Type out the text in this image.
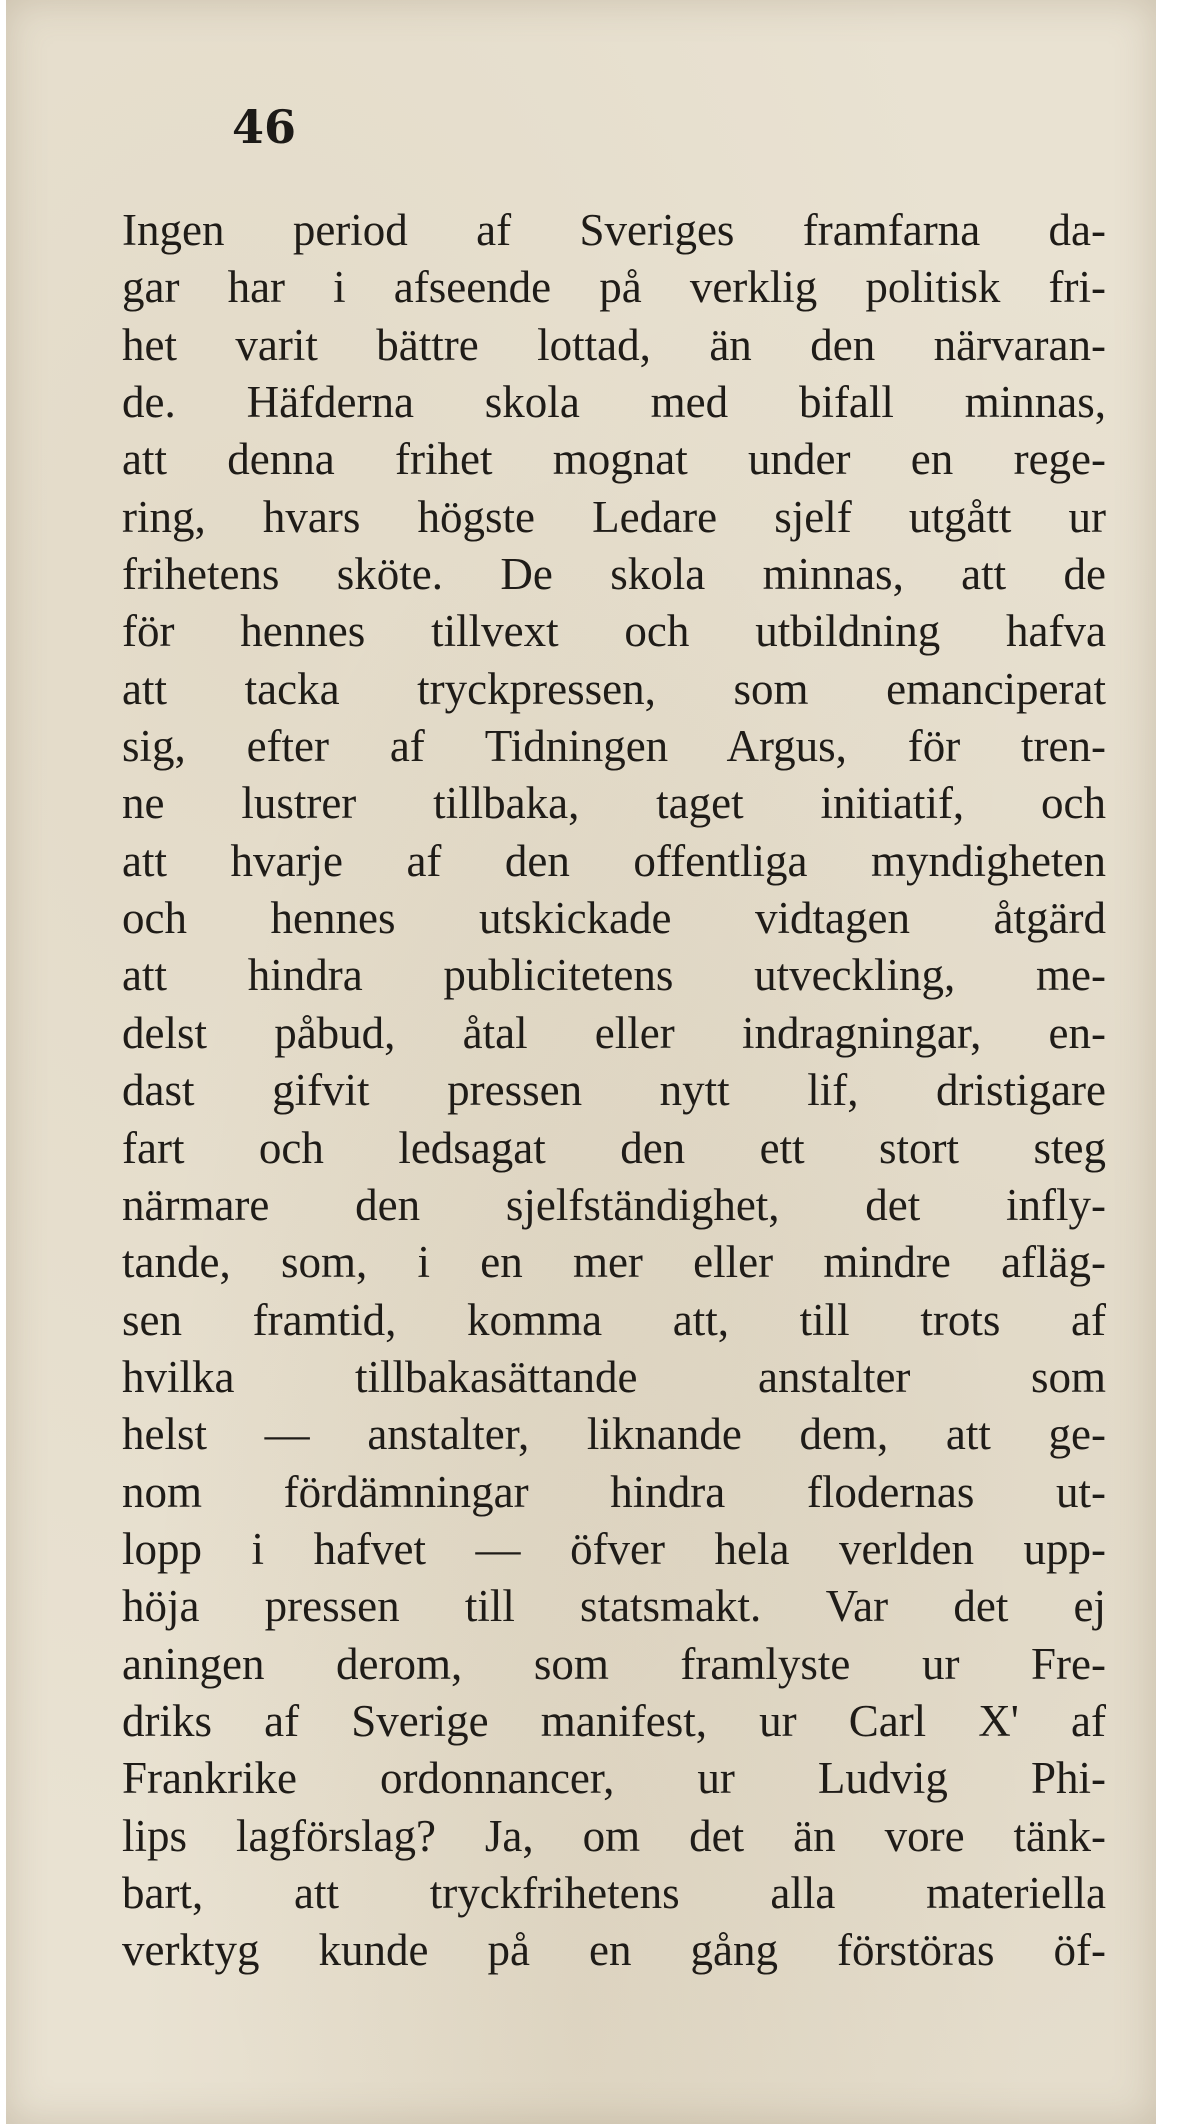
46

Ingen period af Sveriges framfarna da-
gar har i afseende på verklig politisk fri-
het varit bättre lottad, än den närvaran-
de. Häfderna skola med bifall minnas,
att denna frihet mognat under en rege-
ring, hvars högste Ledare sjelf utgått ur
frihetens sköte. De skola minnas, att de
för hennes tillvext och utbildning hafva
att tacka tryckpressen, som emanciperat
sig, efter af Tidningen Argus, för tren-
ne lustrer tillbaka, taget initiatif, och
att hvarje af den offentliga myndigheten
och hennes utskickade vidtagen åtgärd
att hindra publicitetens utveckling, me-
delst påbud, åtal eller indragningar, en-
dast gifvit pressen nytt lif, dristigare
fart och ledsagat den ett stort steg
närmare den sjelfständighet, det infly-
tande, som, i en mer eller mindre afläg-
sen framtid, komma att, till trots af
hvilka tillbakasättande anstalter som
helst — anstalter, liknande dem, att ge-
nom fördämningar hindra flodernas ut-
lopp i hafvet — öfver hela verlden upp-
höja pressen till statsmakt. Var det ej
aningen derom, som framlyste ur Fre-
driks af Sverige manifest, ur Carl X' af
Frankrike ordonnancer, ur Ludvig Phi-
lips lagförslag? Ja, om det än vore tänk-
bart, att tryckfrihetens alla materiella
verktyg kunde på en gång förstöras öf-
